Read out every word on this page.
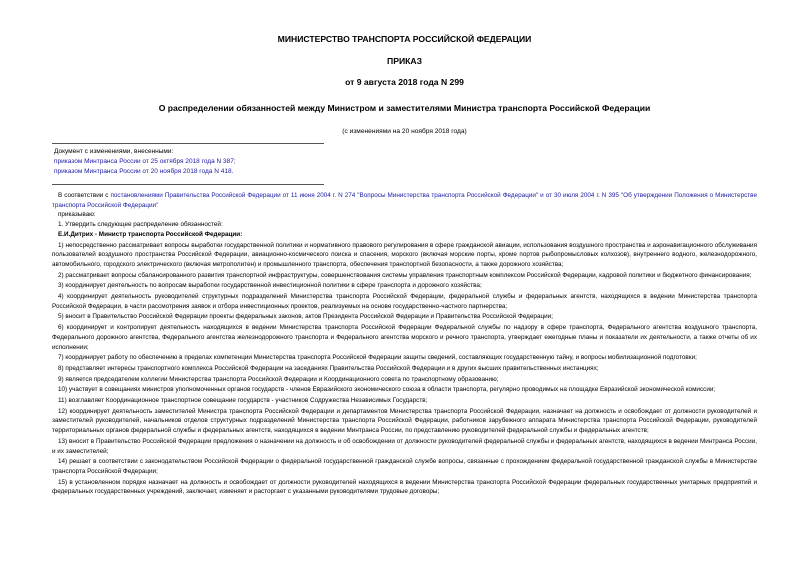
МИНИСТЕРСТВО ТРАНСПОРТА РОССИЙСКОЙ ФЕДЕРАЦИИ

ПРИКАЗ

от 9 августа 2018 года N 299

О распределении обязанностей между Министром и заместителями Министра транспорта Российской Федерации

(с изменениями на 20 ноября 2018 года)

Документ с изменениями, внесенными:
приказом Минтранса России от 25 октября 2018 года N 387;
приказом Минтранса России от 20 ноября 2018 года N 418.

В соответствии с постановлениями Правительства Российской Федерации от 11 июня 2004 г. N 274 "Вопросы Министерства транспорта Российской Федерации" и от 30 июля 2004 г. N 395 "Об утверждении Положения о Министерстве транспорта Российской Федерации"

приказываю:

1. Утвердить следующее распределение обязанностей:

Е.И.Дитрих - Министр транспорта Российской Федерации:

1) непосредственно рассматривает вопросы выработки государственной политики и нормативного правового регулирования в сфере гражданской авиации, использования воздушного пространства и аэронавигационного обслуживания пользователей воздушного пространства Российской Федерации, авиационно-космического поиска и спасения, морского (включая морские порты, кроме портов рыбопромысловых колхозов), внутреннего водного, железнодорожного, автомобильного, городского электрического (включая метрополитен) и промышленного транспорта, обеспечения транспортной безопасности, а также дорожного хозяйства;

2) рассматривает вопросы сбалансированного развития транспортной инфраструктуры, совершенствования системы управления транспортным комплексом Российской Федерации, кадровой политики и бюджетного финансирования;

3) координирует деятельность по вопросам выработки государственной инвестиционной политики в сфере транспорта и дорожного хозяйства;

4) координирует деятельность руководителей структурных подразделений Министерства транспорта Российской Федерации, федеральной службы и федеральных агентств, находящихся в ведении Министерства транспорта Российской Федерации, в части рассмотрения заявок и отбора инвестиционных проектов, реализуемых на основе государственно-частного партнерства;

5) вносит в Правительство Российской Федерации проекты федеральных законов, актов Президента Российской Федерации и Правительства Российской Федерации;

6) координирует и контролирует деятельность находящихся в ведении Министерства транспорта Российской Федерации Федеральной службы по надзору в сфере транспорта, Федерального агентства воздушного транспорта, Федерального дорожного агентства, Федерального агентства железнодорожного транспорта и Федерального агентства морского и речного транспорта, утверждает ежегодные планы и показатели их деятельности, а также отчеты об их исполнении;

7) координирует работу по обеспечению в пределах компетенции Министерства транспорта Российской Федерации защиты сведений, составляющих государственную тайну, и вопросы мобилизационной подготовки;

8) представляет интересы транспортного комплекса Российской Федерации на заседаниях Правительства Российской Федерации и в других высших правительственных инстанциях;

9) является председателем коллегии Министерства транспорта Российской Федерации и Координационного совета по транспортному образованию;

10) участвует в совещаниях министров уполномоченных органов государств - членов Евразийского экономического союза в области транспорта, регулярно проводимых на площадке Евразийской экономической комиссии;

11) возглавляет Координационное транспортное совещание государств - участников Содружества Независимых Государств;

12) координирует деятельность заместителей Министра транспорта Российской Федерации и департаментов Министерства транспорта Российской Федерации, назначает на должность и освобождает от должности руководителей и заместителей руководителей, начальников отделов структурных подразделений Министерства транспорта Российской Федерации, работников зарубежного аппарата Министерства транспорта Российской Федерации, руководителей территориальных органов федеральной службы и федеральных агентств, находящихся в ведении Минтранса России, по представлению руководителей федеральной службы и федеральных агентств;

13) вносит в Правительство Российской Федерации предложения о назначении на должность и об освобождении от должности руководителей федеральной службы и федеральных агентств, находящихся в ведении Минтранса России, и их заместителей;

14) решает в соответствии с законодательством Российской Федерации о федеральной государственной гражданской службе вопросы, связанные с прохождением федеральной государственной гражданской службы в Министерстве транспорта Российской Федерации;

15) в установленном порядке назначает на должность и освобождает от должности руководителей находящихся в ведении Министерства транспорта Российской Федерации федеральных государственных унитарных предприятий и федеральных государственных учреждений, заключает, изменяет и расторгает с указанными руководителями трудовые договоры;
